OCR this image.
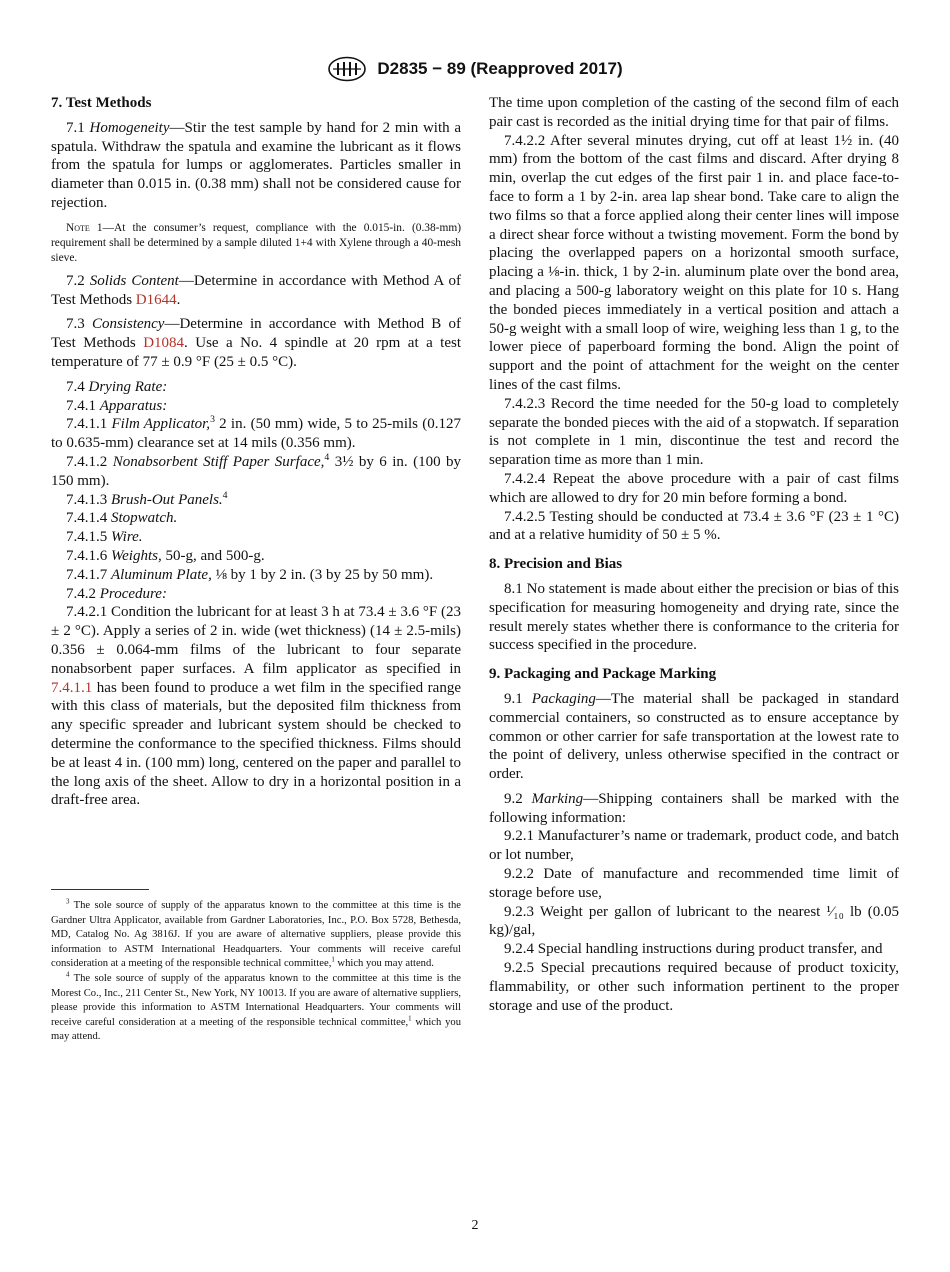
D2835 − 89 (Reapproved 2017)

7. Test Methods

7.1 Homogeneity—Stir the test sample by hand for 2 min with a spatula. Withdraw the spatula and examine the lubricant as it flows from the spatula for lumps or agglomerates. Particles smaller in diameter than 0.015 in. (0.38 mm) shall not be considered cause for rejection.

Note 1—At the consumer’s request, compliance with the 0.015-in. (0.38-mm) requirement shall be determined by a sample diluted 1+4 with Xylene through a 40-mesh sieve.

7.2 Solids Content—Determine in accordance with Method A of Test Methods D1644.

7.3 Consistency—Determine in accordance with Method B of Test Methods D1084. Use a No. 4 spindle at 20 rpm at a test temperature of 77 ± 0.9 °F (25 ± 0.5 °C).

7.4 Drying Rate:

7.4.1 Apparatus:

7.4.1.1 Film Applicator,$^3$ 2 in. (50 mm) wide, 5 to 25-mils (0.127 to 0.635-mm) clearance set at 14 mils (0.356 mm).

7.4.1.2 Nonabsorbent Stiff Paper Surface,$^4$ 3½ by 6 in. (100 by 150 mm).

7.4.1.3 Brush-Out Panels.$^4$

7.4.1.4 Stopwatch.

7.4.1.5 Wire.

7.4.1.6 Weights, 50-g, and 500-g.

7.4.1.7 Aluminum Plate, ⅛ by 1 by 2 in. (3 by 25 by 50 mm).

7.4.2 Procedure:

7.4.2.1 Condition the lubricant for at least 3 h at 73.4 ± 3.6 °F (23 ± 2 °C). Apply a series of 2 in. wide (wet thickness) (14 ± 2.5-mils) 0.356 ± 0.064-mm films of the lubricant to four separate nonabsorbent paper surfaces. A film applicator as specified in 7.4.1.1 has been found to produce a wet film in the specified range with this class of materials, but the deposited film thickness from any specific spreader and lubricant system should be checked to determine the conformance to the specified thickness. Films should be at least 4 in. (100 mm) long, centered on the paper and parallel to the long axis of the sheet. Allow to dry in a horizontal position in a draft-free area.

$^3$ The sole source of supply of the apparatus known to the committee at this time is the Gardner Ultra Applicator, available from Gardner Laboratories, Inc., P.O. Box 5728, Bethesda, MD, Catalog No. Ag 3816J. If you are aware of alternative suppliers, please provide this information to ASTM International Headquarters. Your comments will receive careful consideration at a meeting of the responsible technical committee,$^1$ which you may attend.

$^4$ The sole source of supply of the apparatus known to the committee at this time is the Morest Co., Inc., 211 Center St., New York, NY 10013. If you are aware of alternative suppliers, please provide this information to ASTM International Headquarters. Your comments will receive careful consideration at a meeting of the responsible technical committee,$^1$ which you may attend.

The time upon completion of the casting of the second film of each pair cast is recorded as the initial drying time for that pair of films.

7.4.2.2 After several minutes drying, cut off at least 1½ in. (40 mm) from the bottom of the cast films and discard. After drying 8 min, overlap the cut edges of the first pair 1 in. and place face-to-face to form a 1 by 2-in. area lap shear bond. Take care to align the two films so that a force applied along their center lines will impose a direct shear force without a twisting movement. Form the bond by placing the overlapped papers on a horizontal smooth surface, placing a ⅛-in. thick, 1 by 2-in. aluminum plate over the bond area, and placing a 500-g laboratory weight on this plate for 10 s. Hang the bonded pieces immediately in a vertical position and attach a 50-g weight with a small loop of wire, weighing less than 1 g, to the lower piece of paperboard forming the bond. Align the point of support and the point of attachment for the weight on the center lines of the cast films.

7.4.2.3 Record the time needed for the 50-g load to completely separate the bonded pieces with the aid of a stopwatch. If separation is not complete in 1 min, discontinue the test and record the separation time as more than 1 min.

7.4.2.4 Repeat the above procedure with a pair of cast films which are allowed to dry for 20 min before forming a bond.

7.4.2.5 Testing should be conducted at 73.4 ± 3.6 °F (23 ± 1 °C) and at a relative humidity of 50 ± 5 %.

8. Precision and Bias

8.1 No statement is made about either the precision or bias of this specification for measuring homogeneity and drying rate, since the result merely states whether there is conformance to the criteria for success specified in the procedure.

9. Packaging and Package Marking

9.1 Packaging—The material shall be packaged in standard commercial containers, so constructed as to ensure acceptance by common or other carrier for safe transportation at the lowest rate to the point of delivery, unless otherwise specified in the contract or order.

9.2 Marking—Shipping containers shall be marked with the following information:

9.2.1 Manufacturer’s name or trademark, product code, and batch or lot number,

9.2.2 Date of manufacture and recommended time limit of storage before use,

9.2.3 Weight per gallon of lubricant to the nearest ¹⁄₁₀ lb (0.05 kg)/gal,

9.2.4 Special handling instructions during product transfer, and

9.2.5 Special precautions required because of product toxicity, flammability, or other such information pertinent to the proper storage and use of the product.

2
